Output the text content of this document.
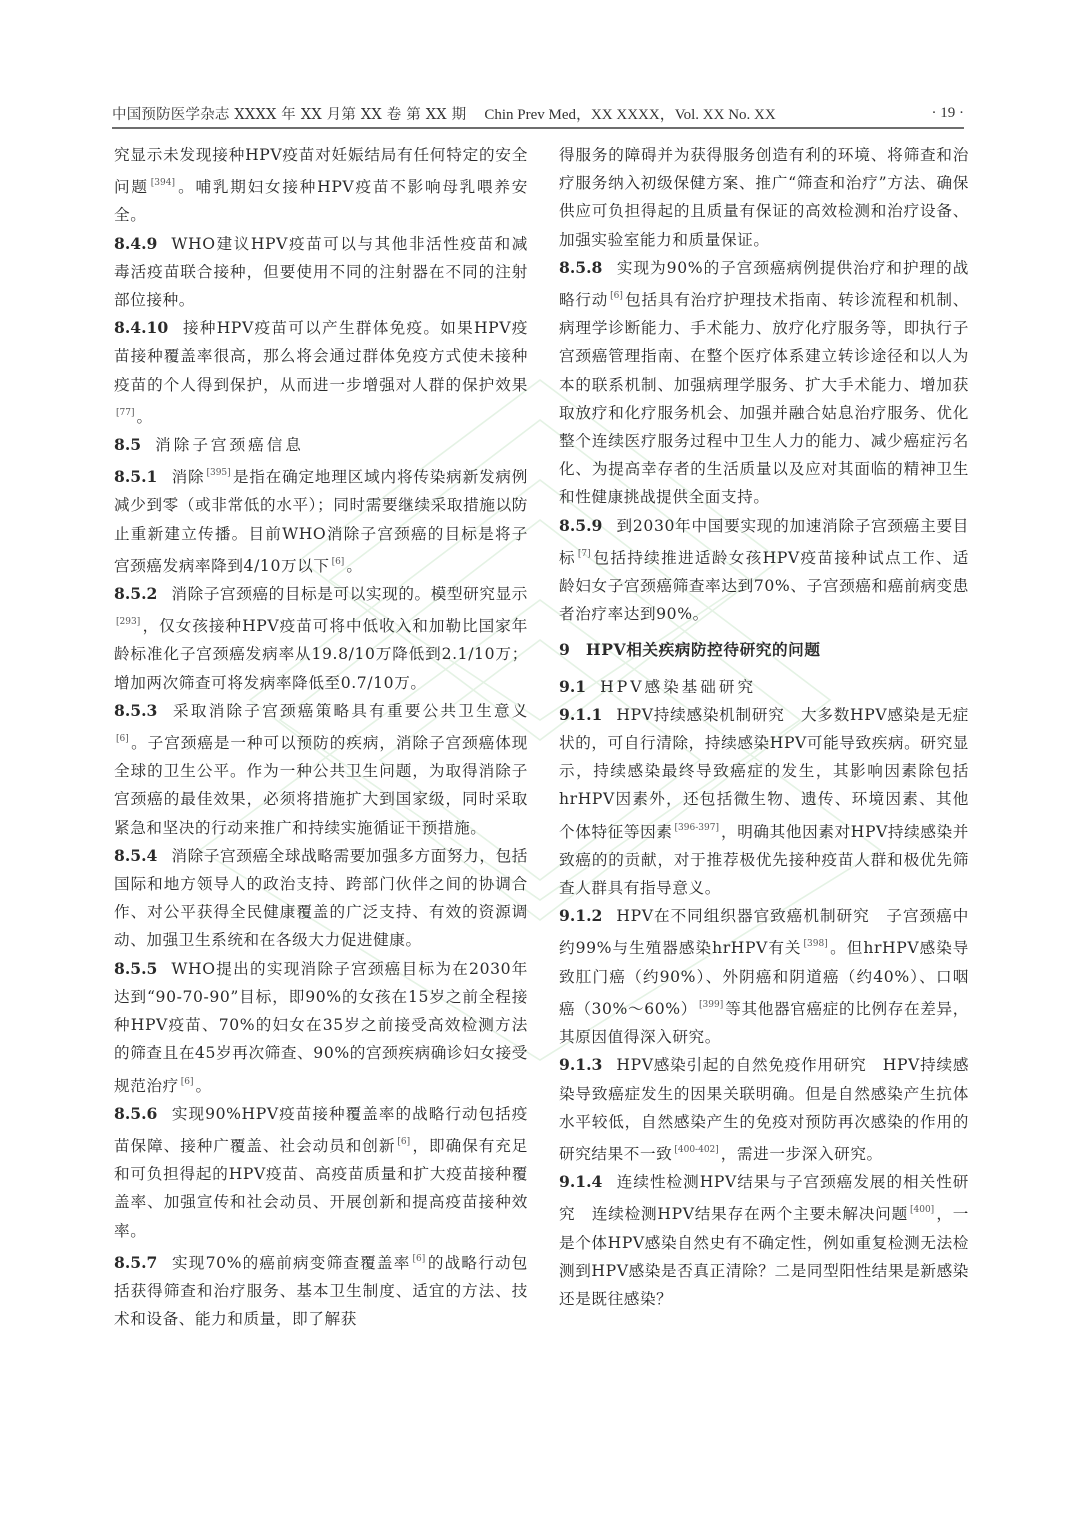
中国预防医学杂志 XXXX 年 XX 月第 XX 卷 第 XX 期 Chin Prev Med，XX XXXX，Vol. XX No. XX	· 19 ·

究显示未发现接种HPV疫苗对妊娠结局有任何特定的安全问题 [394] 。哺乳期妇女接种HPV疫苗不影响母乳喂养安全。

8.4.9 WHO建议HPV疫苗可以与其他非活性疫苗和减毒活疫苗联合接种，但要使用不同的注射器在不同的注射部位接种。

8.4.10 接种HPV疫苗可以产生群体免疫。如果HPV疫苗接种覆盖率很高，那么将会通过群体免疫方式使未接种疫苗的个人得到保护，从而进一步增强对人群的保护效果[77] 。

8.5 消除子宫颈癌信息

8.5.1 消除 [395] 是指在确定地理区域内将传染病新发病例减少到零（或非常低的水平）；同时需要继续采取措施以防止重新建立传播。目前WHO消除子宫颈癌的目标是将子宫颈癌发病率降到4/10万以下 [6] 。

8.5.2 消除子宫颈癌的目标是可以实现的。模型研究显示[293] ，仅女孩接种HPV疫苗可将中低收入和加勒比国家年龄标准化子宫颈癌发病率从19.8/10万降低到2.1/10万；增加两次筛查可将发病率降低至0.7/10万。

8.5.3 采取消除子宫颈癌策略具有重要公共卫生意义[6] 。子宫颈癌是一种可以预防的疾病，消除子宫颈癌体现全球的卫生公平。作为一种公共卫生问题，为取得消除子宫颈癌的最佳效果，必须将措施扩大到国家级，同时采取紧急和坚决的行动来推广和持续实施循证干预措施。

8.5.4 消除子宫颈癌全球战略需要加强多方面努力，包括国际和地方领导人的政治支持、跨部门伙伴之间的协调合作、对公平获得全民健康覆盖的广泛支持、有效的资源调动、加强卫生系统和在各级大力促进健康。

8.5.5 WHO提出的实现消除子宫颈癌目标为在2030年达到“90-70-90”目标，即90%的女孩在15岁之前全程接种HPV疫苗、70%的妇女在35岁之前接受高效检测方法的筛查且在45岁再次筛查、90%的宫颈疾病确诊妇女接受规范治疗 [6] 。

8.5.6 实现90%HPV疫苗接种覆盖率的战略行动包括疫苗保障、接种广覆盖、社会动员和创新 [6] ，即确保有充足和可负担得起的HPV疫苗、高疫苗质量和扩大疫苗接种覆盖率、加强宣传和社会动员、开展创新和提高疫苗接种效率。

8.5.7 实现70%的癌前病变筛查覆盖率 [6] 的战略行动包括获得筛查和治疗服务、基本卫生制度、适宜的方法、技术和设备、能力和质量，即了解获

得服务的障碍并为获得服务创造有利的环境、将筛查和治疗服务纳入初级保健方案、推广“筛查和治疗”方法、确保供应可负担得起的且质量有保证的高效检测和治疗设备、加强实验室能力和质量保证。

8.5.8 实现为90%的子宫颈癌病例提供治疗和护理的战略行动 [6] 包括具有治疗护理技术指南、转诊流程和机制、病理学诊断能力、手术能力、放疗化疗服务等，即执行子宫颈癌管理指南、在整个医疗体系建立转诊途径和以人为本的联系机制、加强病理学服务、扩大手术能力、增加获取放疗和化疗服务机会、加强并融合姑息治疗服务、优化整个连续医疗服务过程中卫生人力的能力、减少癌症污名化、为提高幸存者的生活质量以及应对其面临的精神卫生和性健康挑战提供全面支持。

8.5.9 到2030年中国要实现的加速消除子宫颈癌主要目标 [7] 包括持续推进适龄女孩HPV疫苗接种试点工作、适龄妇女子宫颈癌筛查率达到70%、子宫颈癌和癌前病变患者治疗率达到90%。

9 HPV相关疾病防控待研究的问题

9.1 HPV感染基础研究

9.1.1 HPV持续感染机制研究  大多数HPV感染是无症状的，可自行清除，持续感染HPV可能导致疾病。研究显示，持续感染最终导致癌症的发生，其影响因素除包括hrHPV因素外，还包括微生物、遗传、环境因素、其他个体特征等因素 [396-397] ，明确其他因素对HPV持续感染并致癌的的贡献，对于推荐极优先接种疫苗人群和极优先筛查人群具有指导意义。

9.1.2 HPV在不同组织器官致癌机制研究  子宫颈癌中约99%与生殖器感染hrHPV有关 [398] 。但hrHPV感染导致肛门癌（约90%）、外阴癌和阴道癌（约40%）、口咽癌（30%～60%） [399] 等其他器官癌症的比例存在差异，其原因值得深入研究。

9.1.3 HPV感染引起的自然免疫作用研究  HPV持续感染导致癌症发生的因果关联明确。但是自然感染产生抗体水平较低，自然感染产生的免疫对预防再次感染的作用的研究结果不一致 [400-402] ，需进一步深入研究。

9.1.4 连续性检测HPV结果与子宫颈癌发展的相关性研究  连续检测HPV结果存在两个主要未解决问题 [400] ，一是个体HPV感染自然史有不确定性，例如重复检测无法检测到HPV感染是否真正清除？二是同型阳性结果是新感染还是既往感染？
